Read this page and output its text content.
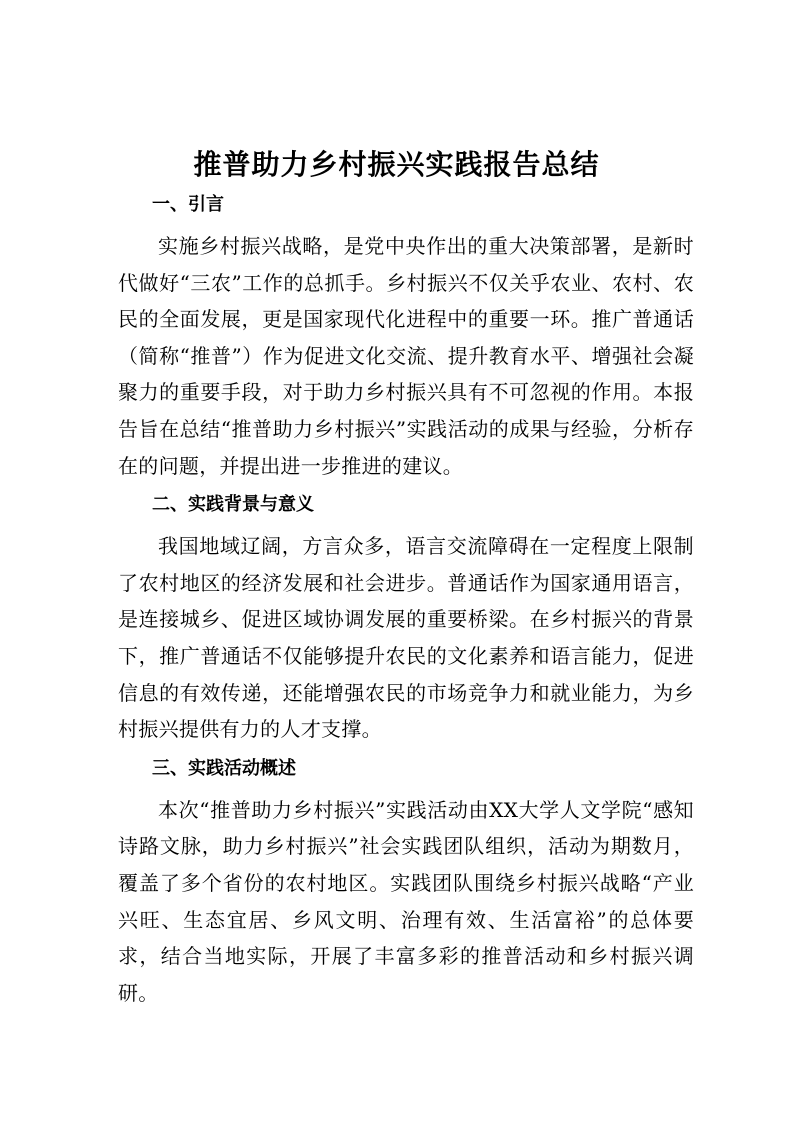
推普助力乡村振兴实践报告总结
一、引言

实施乡村振兴战略，是党中央作出的重大决策部署，是新时代做好“三农”工作的总抓手。乡村振兴不仅关乎农业、农村、农民的全面发展，更是国家现代化进程中的重要一环。推广普通话（简称“推普”）作为促进文化交流、提升教育水平、增强社会凝聚力的重要手段，对于助力乡村振兴具有不可忽视的作用。本报告旨在总结“推普助力乡村振兴”实践活动的成果与经验，分析存在的问题，并提出进一步推进的建议。

二、实践背景与意义

我国地域辽阔，方言众多，语言交流障碍在一定程度上限制了农村地区的经济发展和社会进步。普通话作为国家通用语言，是连接城乡、促进区域协调发展的重要桥梁。在乡村振兴的背景下，推广普通话不仅能够提升农民的文化素养和语言能力，促进信息的有效传递，还能增强农民的市场竞争力和就业能力，为乡村振兴提供有力的人才支撑。

三、实践活动概述

本次“推普助力乡村振兴”实践活动由XX大学人文学院“感知诗路文脉，助力乡村振兴”社会实践团队组织，活动为期数月，覆盖了多个省份的农村地区。实践团队围绕乡村振兴战略“产业兴旺、生态宜居、乡风文明、治理有效、生活富裕”的总体要求，结合当地实际，开展了丰富多彩的推普活动和乡村振兴调研。
